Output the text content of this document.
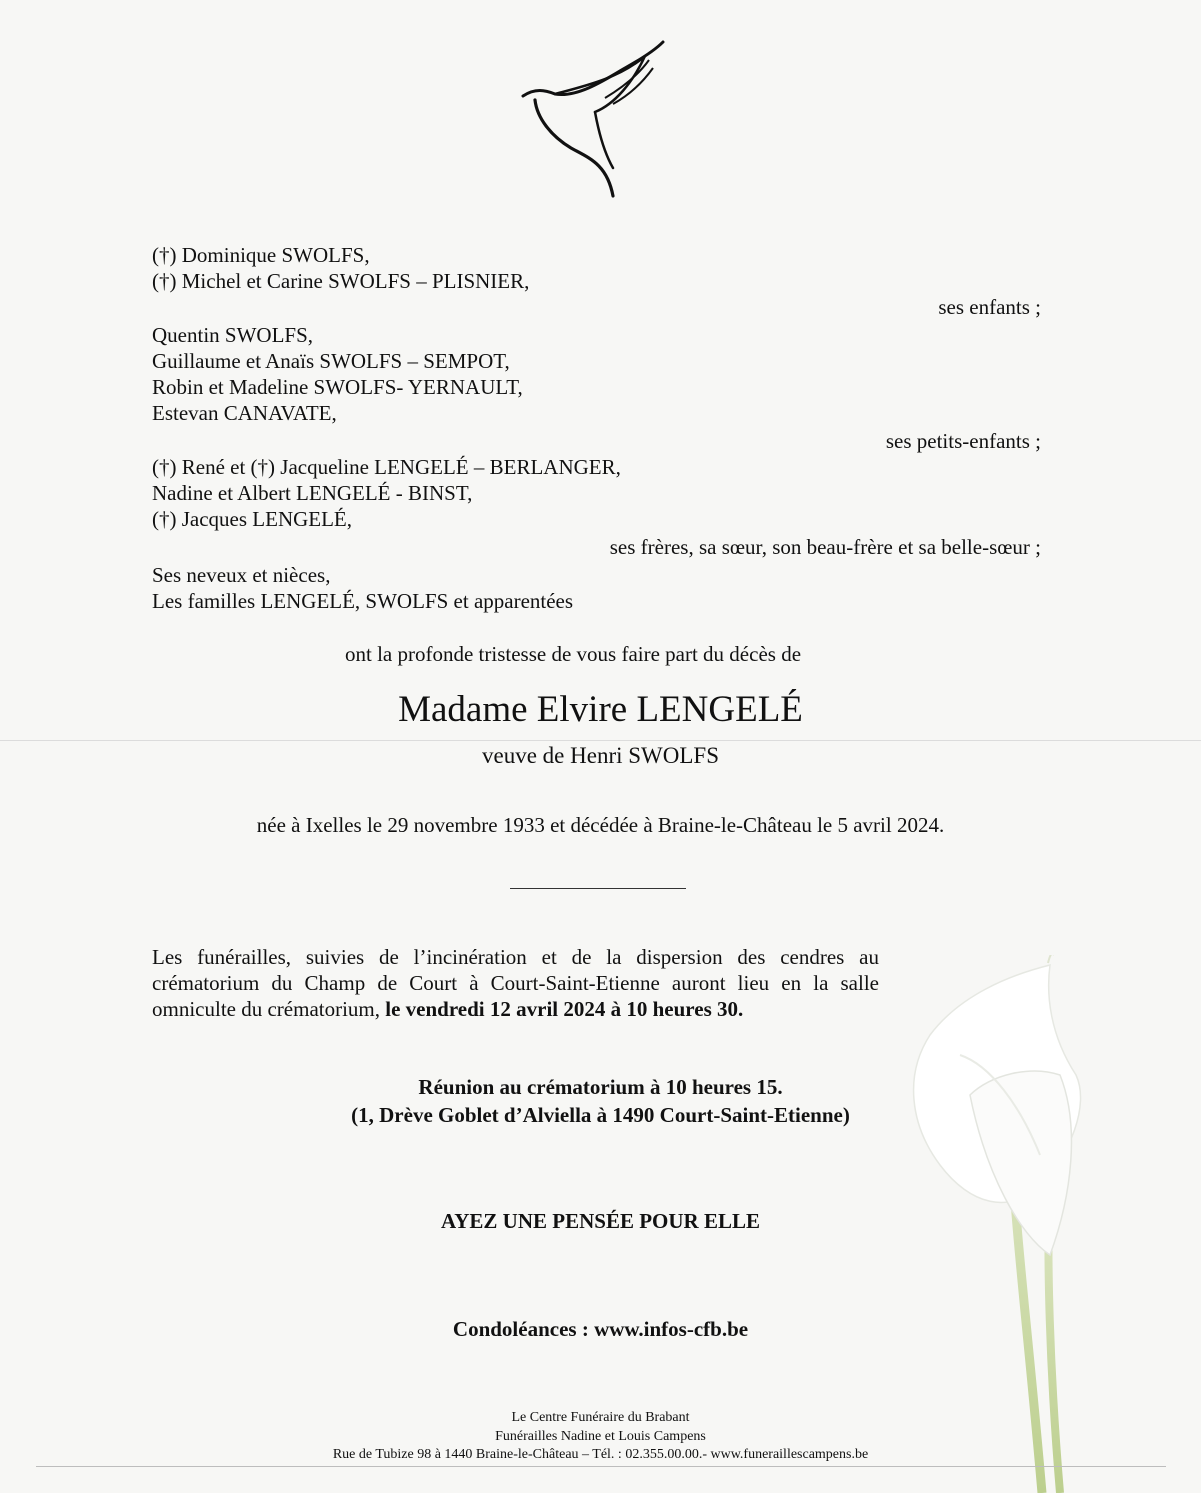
(†) Dominique SWOLFS,
(†) Michel et Carine SWOLFS – PLISNIER,
ses enfants ;
Quentin SWOLFS,
Guillaume et Anaïs SWOLFS – SEMPOT,
Robin et Madeline SWOLFS- YERNAULT,
Estevan CANAVATE,
ses petits-enfants ;
(†) René et (†) Jacqueline LENGELÉ – BERLANGER,
Nadine et Albert LENGELÉ - BINST,
(†) Jacques LENGELÉ,
ses frères, sa sœur, son beau-frère et sa belle-sœur ;
Ses neveux et nièces,
Les familles LENGELÉ, SWOLFS et apparentées
ont la profonde tristesse de vous faire part du décès de
Madame Elvire LENGELÉ
veuve de Henri SWOLFS
née à Ixelles le 29 novembre 1933 et décédée à Braine-le-Château le 5 avril 2024.
Les funérailles, suivies de l’incinération et de la dispersion des cendres au crématorium du Champ de Court à Court-Saint-Etienne auront lieu en la salle omniculte du crématorium, le vendredi 12 avril 2024 à 10 heures 30.
Réunion au crématorium à 10 heures 15.
(1, Drève Goblet d’Alviella à 1490 Court-Saint-Etienne)
AYEZ UNE PENSÉE POUR ELLE
Condoléances : www.infos-cfb.be
Le Centre Funéraire du Brabant
Funérailles Nadine et Louis Campens
Rue de Tubize 98 à 1440 Braine-le-Château – Tél. : 02.355.00.00.- www.funeraillescampens.be
